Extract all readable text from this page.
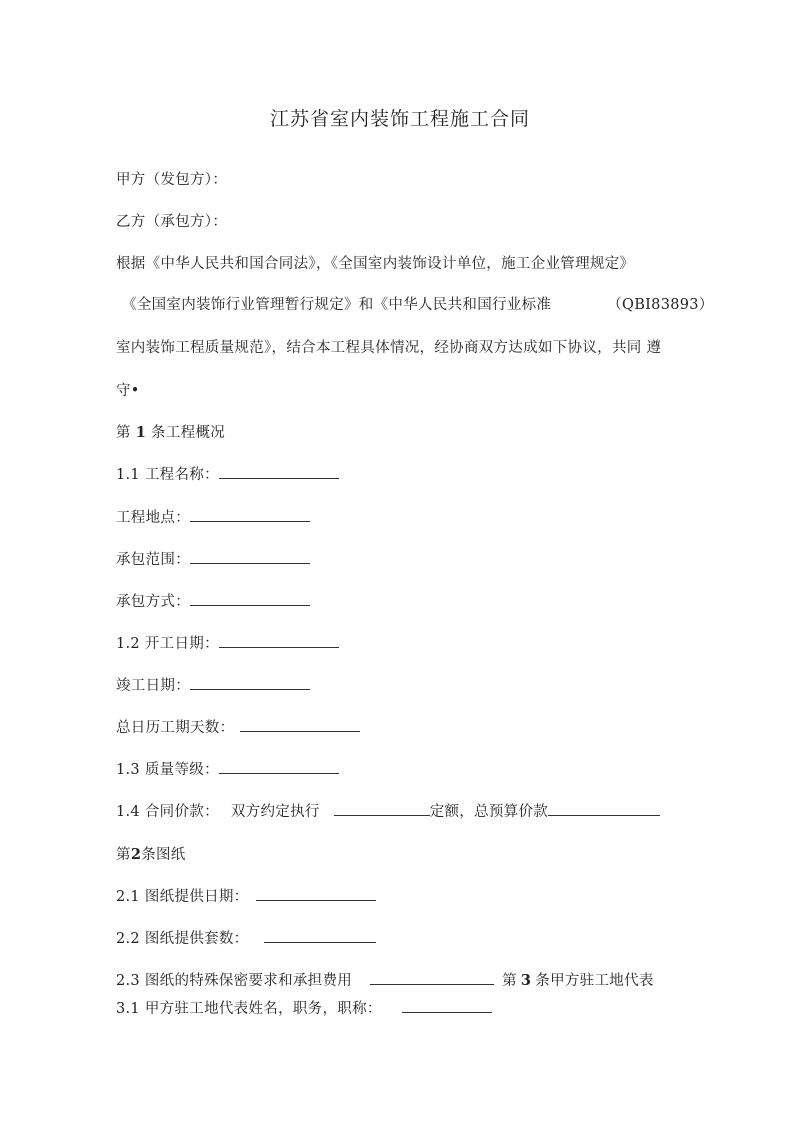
江苏省室内装饰工程施工合同
甲方（发包方）：
乙方（承包方）：
根据《中华人民共和国合同法》，《全国室内装饰设计单位，施工企业管理规定》
《全国室内装饰行业管理暂行规定》和《中华人民共和国行业标准	（QBI83893）
室内装饰工程质量规范》，结合本工程具体情况，经协商双方达成如下协议，共同 遵
守•
第 1 条工程概况
1.1 工程名称：
工程地点：
承包范围：
承包方式：
1.2 开工日期：
竣工日期：
总日历工期天数：
1.3 质量等级：
1.4 合同价款： 双方约定执行	定额，总预算价款
第2条图纸
2.1 图纸提供日期：
2.2 图纸提供套数：
2.3 图纸的特殊保密要求和承担费用	第 3 条甲方驻工地代表
3.1 甲方驻工地代表姓名，职务，职称：
